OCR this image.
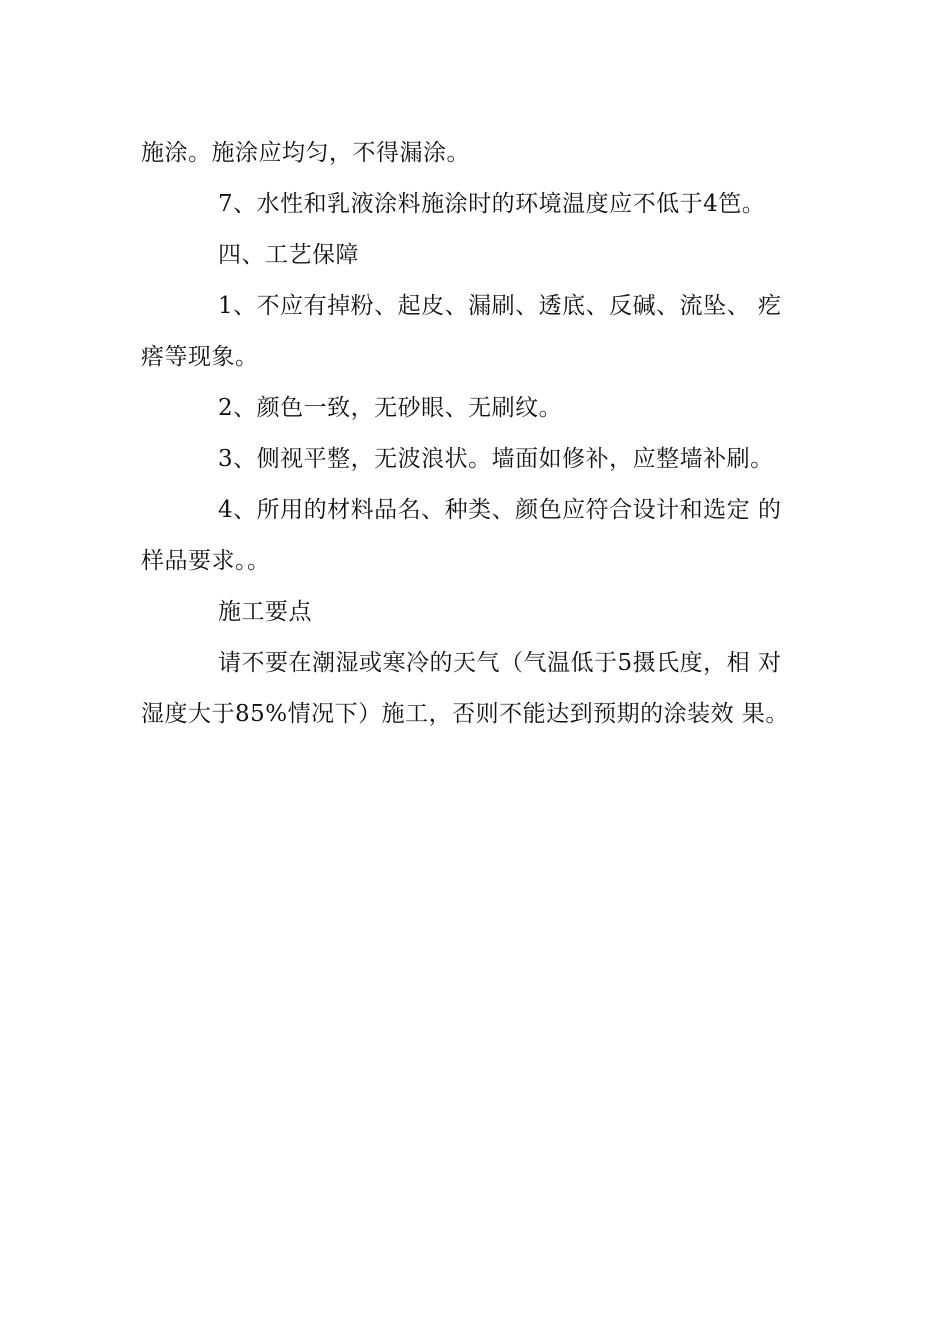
施涂。施涂应均匀，不得漏涂。

7、水性和乳液涂料施涂时的环境温度应不低于4笆。

四、工艺保障

1、不应有掉粉、起皮、漏刷、透底、反碱、流坠、 疙
瘩等现象。

2、颜色一致，无砂眼、无刷纹。

3、侧视平整，无波浪状。墙面如修补，应整墙补刷。

4、所用的材料品名、种类、颜色应符合设计和选定 的
样品要求。。

施工要点

请不要在潮湿或寒冷的天气（气温低于5摄氏度，相 对
湿度大于85%情况下）施工，否则不能达到预期的涂装效 果。
